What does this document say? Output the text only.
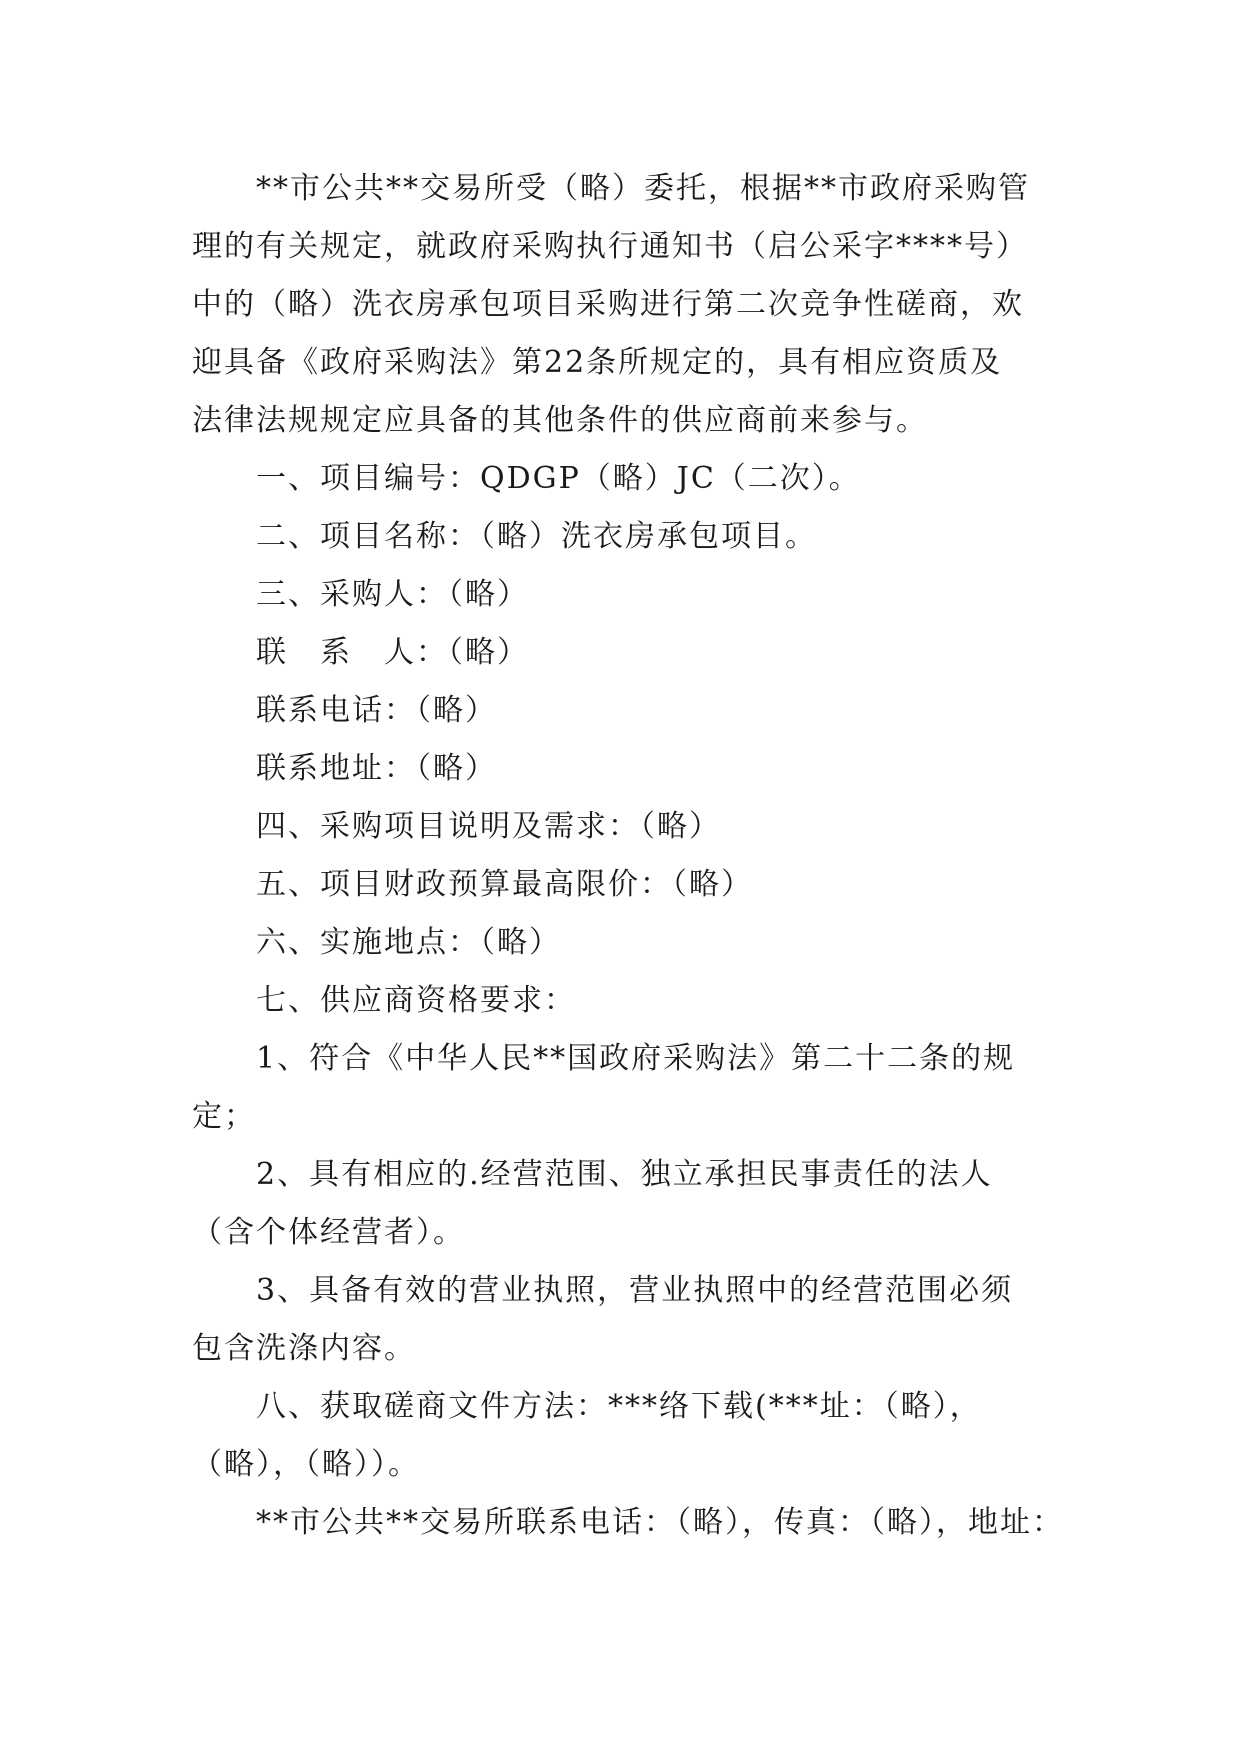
**市公共**交易所受（略）委托，根据**市政府采购管
理的有关规定，就政府采购执行通知书（启公采字****号）
中的（略）洗衣房承包项目采购进行第二次竞争性磋商，欢
迎具备《政府采购法》第22条所规定的，具有相应资质及
法律法规规定应具备的其他条件的供应商前来参与。
一、项目编号：QDGP（略）JC（二次）。
二、项目名称：（略）洗衣房承包项目。
三、采购人：（略）
联　系　人：（略）
联系电话：（略）
联系地址：（略）
四、采购项目说明及需求：（略）
五、项目财政预算最高限价：（略）
六、实施地点：（略）
七、供应商资格要求：
1、符合《中华人民**国政府采购法》第二十二条的规
定；
2、具有相应的.经营范围、独立承担民事责任的法人
（含个体经营者）。
3、具备有效的营业执照，营业执照中的经营范围必须
包含洗涤内容。
八、获取磋商文件方法：***络下载(***址：（略），
（略），（略））。
**市公共**交易所联系电话：（略），传真：（略），地址：
